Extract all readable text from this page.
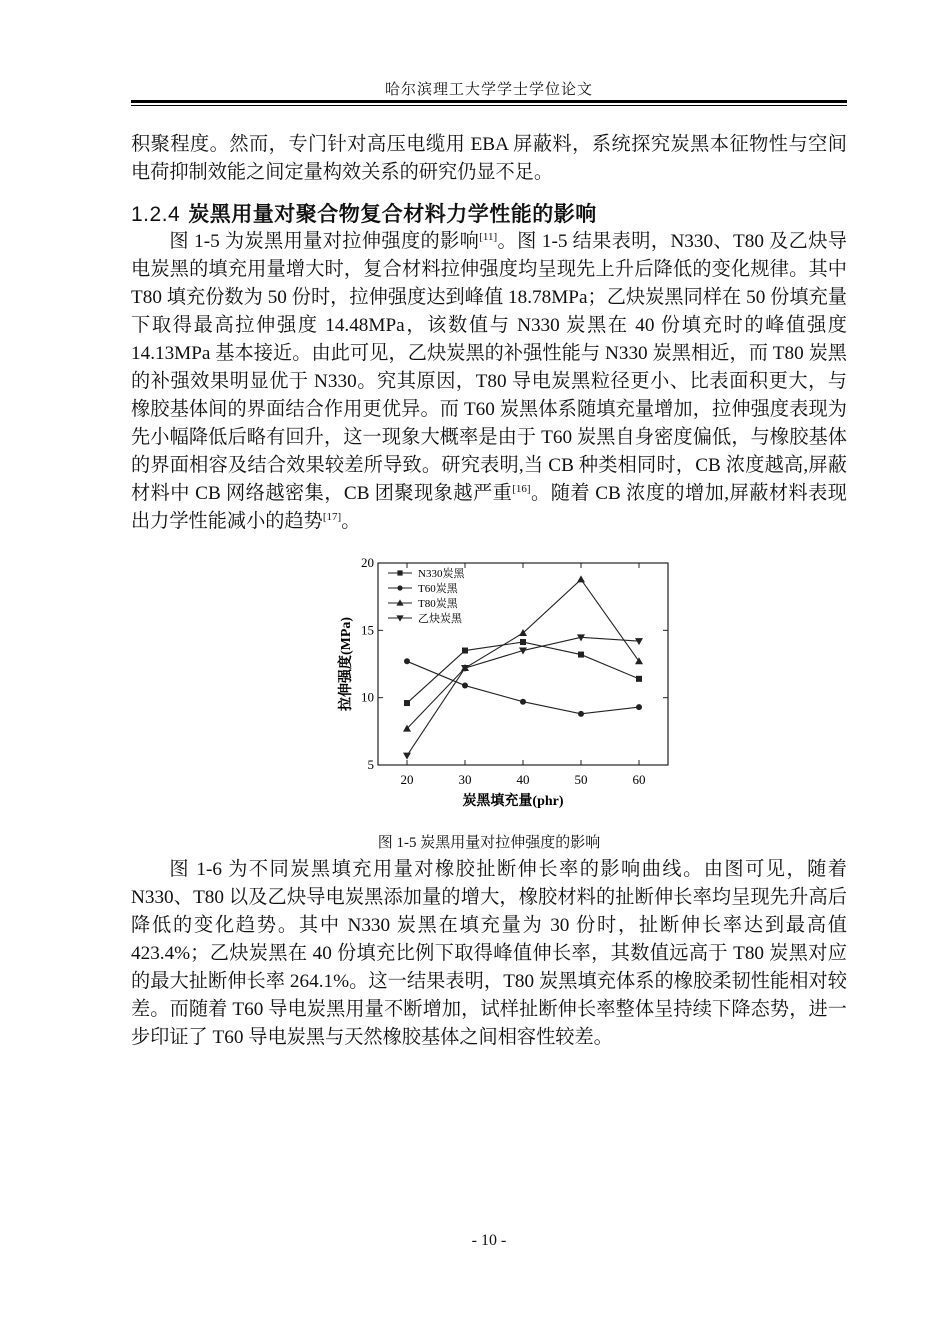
哈尔滨理工大学学士学位论文

积聚程度。然而，专门针对高压电缆用 EBA 屏蔽料，系统探究炭黑本征物性与空间电荷抑制效能之间定量构效关系的研究仍显不足。

1.2.4 炭黑用量对聚合物复合材料力学性能的影响

图 1-5 为炭黑用量对拉伸强度的影响[11]。图 1-5 结果表明，N330、T80 及乙炔导电炭黑的填充用量增大时，复合材料拉伸强度均呈现先上升后降低的变化规律。其中 T80 填充份数为 50 份时，拉伸强度达到峰值 18.78MPa；乙炔炭黑同样在 50 份填充量下取得最高拉伸强度 14.48MPa，该数值与 N330 炭黑在 40 份填充时的峰值强度 14.13MPa 基本接近。由此可见，乙炔炭黑的补强性能与 N330 炭黑相近，而 T80 炭黑的补强效果明显优于 N330。究其原因，T80 导电炭黑粒径更小、比表面积更大，与橡胶基体间的界面结合作用更优异。而 T60 炭黑体系随填充量增加，拉伸强度表现为先小幅降低后略有回升，这一现象大概率是由于 T60 炭黑自身密度偏低，与橡胶基体的界面相容及结合效果较差所导致。研究表明,当 CB 种类相同时，CB 浓度越高,屏蔽材料中 CB 网络越密集，CB 团聚现象越严重[16]。随着 CB 浓度的增加,屏蔽材料表现出力学性能减小的趋势[17]。

20	30	40	50	60
5
10
15
20
炭黑填充量(phr)
拉伸强度(MPa)
N330炭黑
T60炭黑
T80炭黑
乙炔炭黑
图 1-5 炭黑用量对拉伸强度的影响

图 1-6 为不同炭黑填充用量对橡胶扯断伸长率的影响曲线。由图可见，随着 N330、T80 以及乙炔导电炭黑添加量的增大，橡胶材料的扯断伸长率均呈现先升高后降低的变化趋势。其中 N330 炭黑在填充量为 30 份时，扯断伸长率达到最高值 423.4%；乙炔炭黑在 40 份填充比例下取得峰值伸长率，其数值远高于 T80 炭黑对应的最大扯断伸长率 264.1%。这一结果表明，T80 炭黑填充体系的橡胶柔韧性能相对较差。而随着 T60 导电炭黑用量不断增加，试样扯断伸长率整体呈持续下降态势，进一步印证了 T60 导电炭黑与天然橡胶基体之间相容性较差。

- 10 -
